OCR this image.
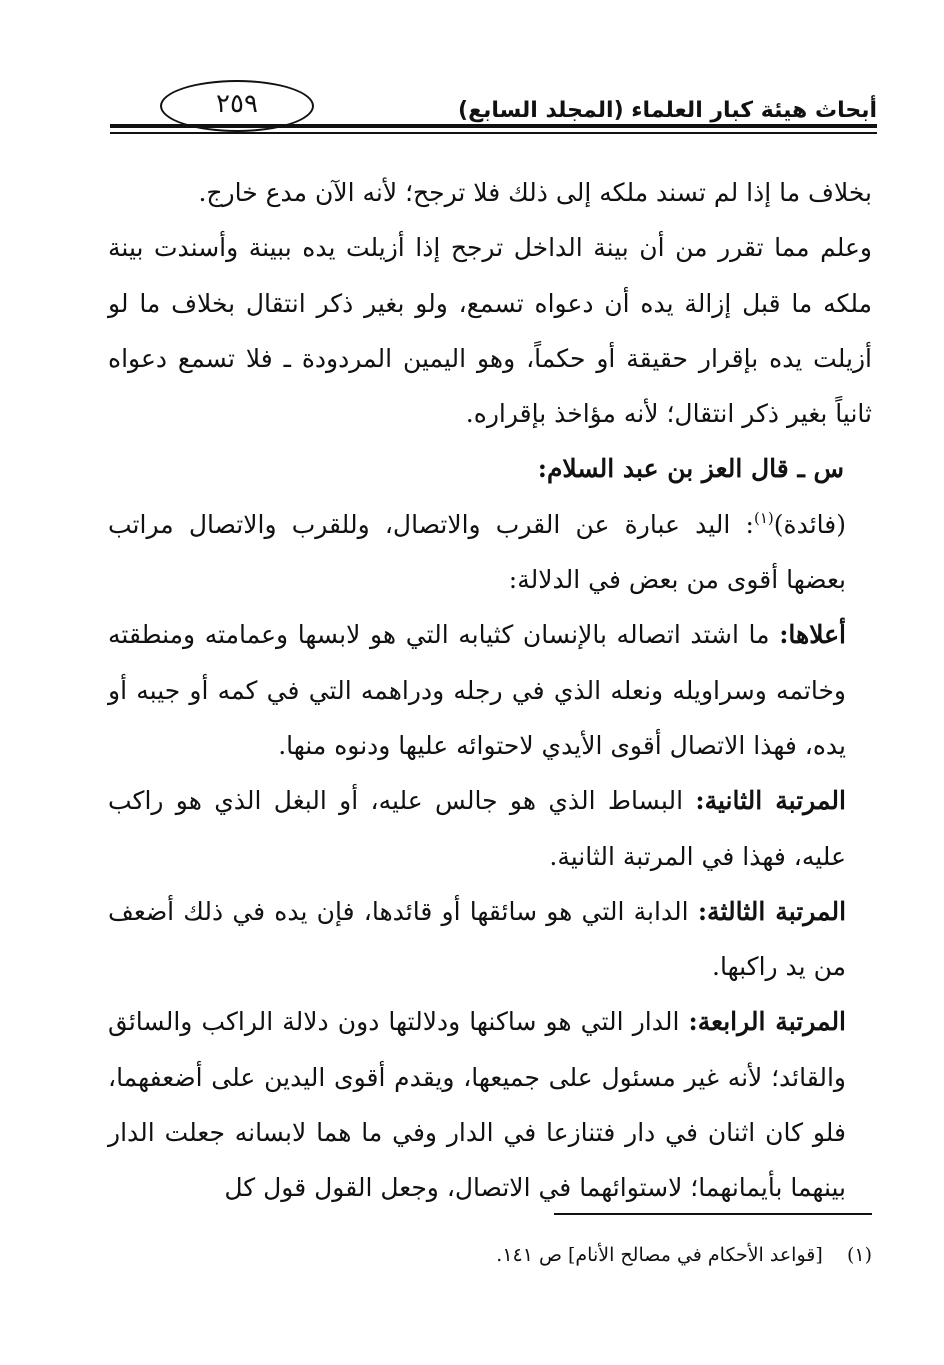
٢٥٩	أبحاث هيئة كبار العلماء (المجلد السابع)

بخلاف ما إذا لم تسند ملكه إلى ذلك فلا ترجح؛ لأنه الآن مدع خارج.

وعلم مما تقرر من أن بينة الداخل ترجح إذا أزيلت يده ببينة وأسندت بينة ملكه ما قبل إزالة يده أن دعواه تسمع، ولو بغير ذكر انتقال بخلاف ما لو أزيلت يده بإقرار حقيقة أو حكماً، وهو اليمين المردودة ـ فلا تسمع دعواه ثانياً بغير ذكر انتقال؛ لأنه مؤاخذ بإقراره.

س ـ قال العز بن عبد السلام:

(فائدة)$^{(١)}$: اليد عبارة عن القرب والاتصال، وللقرب والاتصال مراتب بعضها أقوى من بعض في الدلالة:

أعلاها: ما اشتد اتصاله بالإنسان كثيابه التي هو لابسها وعمامته ومنطقته وخاتمه وسراويله ونعله الذي في رجله ودراهمه التي في كمه أو جيبه أو يده، فهذا الاتصال أقوى الأيدي لاحتوائه عليها ودنوه منها.

المرتبة الثانية: البساط الذي هو جالس عليه، أو البغل الذي هو راكب عليه، فهذا في المرتبة الثانية.

المرتبة الثالثة: الدابة التي هو سائقها أو قائدها، فإن يده في ذلك أضعف من يد راكبها.

المرتبة الرابعة: الدار التي هو ساكنها ودلالتها دون دلالة الراكب والسائق والقائد؛ لأنه غير مسئول على جميعها، ويقدم أقوى اليدين على أضعفهما، فلو كان اثنان في دار فتنازعا في الدار وفي ما هما لابسانه جعلت الدار بينهما بأيمانهما؛ لاستوائهما في الاتصال، وجعل القول قول كل

(١)    [قواعد الأحكام في مصالح الأنام] ص ١٤١.
